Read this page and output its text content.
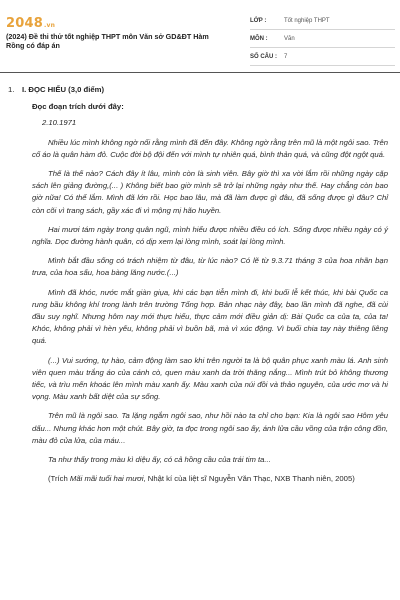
2048.vn
(2024) Đề thi thử tốt nghiệp THPT môn Văn sở GD&ĐT Hàm Rồng có đáp án
LỚP :	Tốt nghiệp THPT
MÔN :	Văn
SỐ CÂU :	7
1. I. ĐỌC HIỂU (3,0 điểm)

Đọc đoạn trích dưới đây:

2.10.1971

Nhiều lúc mình không ngờ nổi rằng mình đã đến đây. Không ngờ rằng trên mũ là một ngôi sao. Trên cổ áo là quân hàm đỏ. Cuộc đời bộ đội đến với mình tự nhiên quá, bình thản quá, và cũng đột ngột quá.

Thế là thế nào? Cách đây ít lâu, mình còn là sinh viên. Bây giờ thì xa vời lắm rồi những ngày cặp sách lên giảng đường,(... ) Không biết bao giờ mình sẽ trở lại những ngày như thế. Hay chẳng còn bao giờ nữa! Có thể lắm. Mình đã lớn rồi. Học bao lâu, mà đã làm được gì đâu, đã sống được gì đâu? Chỉ còn cõi vì trang sách, gầy xác đi vì mộng mị hão huyền.

Hai mươi tám ngày trong quân ngũ, mình hiểu được nhiều điều có ích. Sống được nhiều ngày có ý nghĩa. Dọc đường hành quân, có dịp xem lại lòng mình, soát lại lòng mình.

Mình bắt đầu sống có trách nhiệm từ đâu, từ lúc nào? Có lẽ từ 9.3.71 tháng 3 của hoa nhãn bạn trưa, của hoa sấu, hoa bàng lăng nước.(...)

Mình đã khóc, nước mắt giàn giụa, khi các bạn tiễn mình đi, khi buổi lễ kết thúc, khi bài Quốc ca rung bầu không khí trong lành trên trường Tổng hợp. Bản nhạc này đây, bao lần mình đã nghe, đã cùi đầu suy nghĩ. Nhưng hôm nay mới thực hiểu, thực cảm mới điều giản dị: Bài Quốc ca của ta, của ta! Khóc, không phải vì hèn yếu, không phải vì buồn bã, mà vì xúc động. Vì buổi chia tay này thiêng liêng quá.

(...) Vui sướng, tự hào, cảm động làm sao khi trên người ta là bộ quân phục xanh màu lá. Anh sinh viên quen màu trắng áo của cánh cò, quen màu xanh da trời thăng nắng... Mình trút bỏ không thương tiếc, và trìu mến khoác lên mình màu xanh ấy. Màu xanh của núi đồi và thảo nguyên, của ước mơ và hi vọng. Màu xanh bất diệt của sự sống.

Trên mũ là ngôi sao. Ta lặng ngắm ngôi sao, như hồi nào ta chỉ cho bạn: Kia là ngôi sao Hôm yêu dấu... Nhưng khác hơn một chút. Bây giờ, ta đọc trong ngôi sao ấy, ánh lửa cầu vồng của trận công đồn, màu đỏ của lửa, của máu...

Ta như thấy trong màu kì diệu ấy, có cả hồng cầu của trái tim ta...

(Trích Mãi mãi tuổi hai mươi, Nhật kí của liệt sĩ Nguyễn Văn Thạc, NXB Thanh niên, 2005)
